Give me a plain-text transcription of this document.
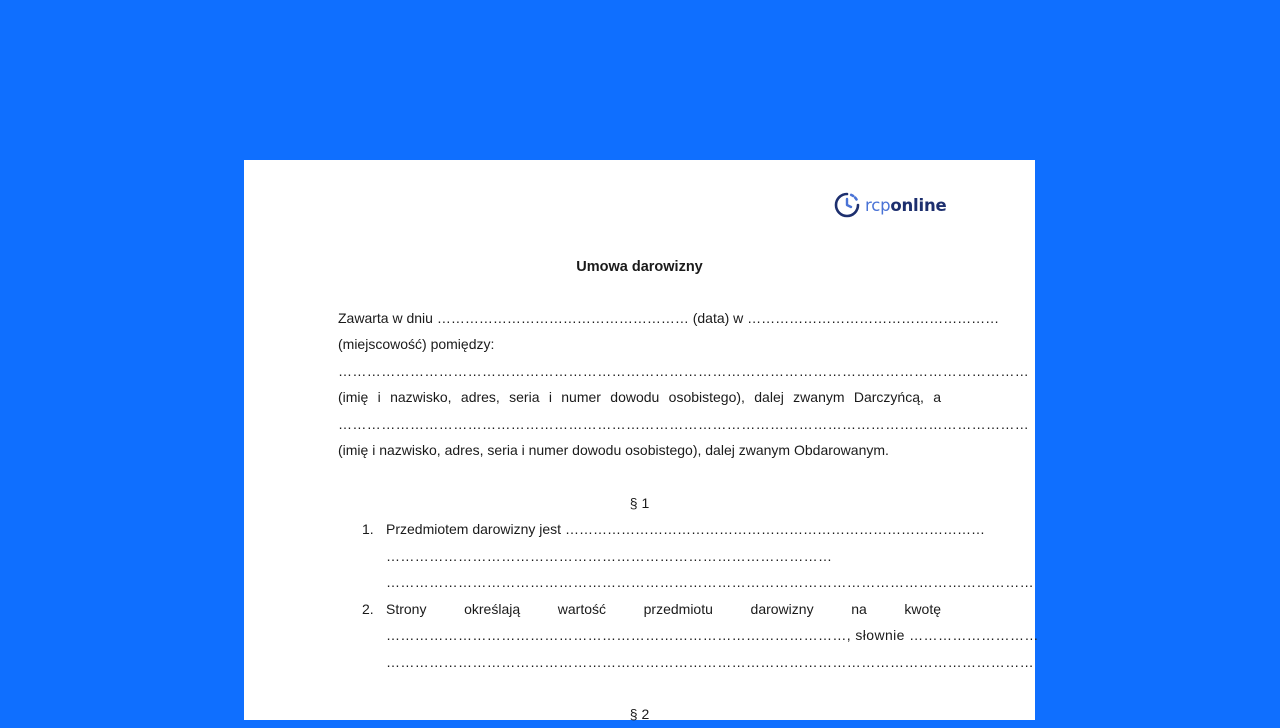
rcponline
Umowa darowizny
Zawarta w dniu ……………………………………………… (data) w ………………………………………………
(miejscowość) pomiędzy:
………………………………………………………………………………………………………………………………
(imię i nazwisko, adres, seria i numer dowodu osobistego), dalej zwanym Darczyńcą, a
………………………………………………………………………………………………………………………………
(imię i nazwisko, adres, seria i numer dowodu osobistego), dalej zwanym Obdarowanym.
§ 1
1. Przedmiotem darowizny jest ………………………………………………………………………………
…………………………………………………………………………………
………………………………………………………………………………………………………………………
2. Strony określają wartość przedmiotu darowizny na kwotę
……………………………………………………………………………………, słownie ………………………
………………………………………………………………………………………………………………………
§ 2
